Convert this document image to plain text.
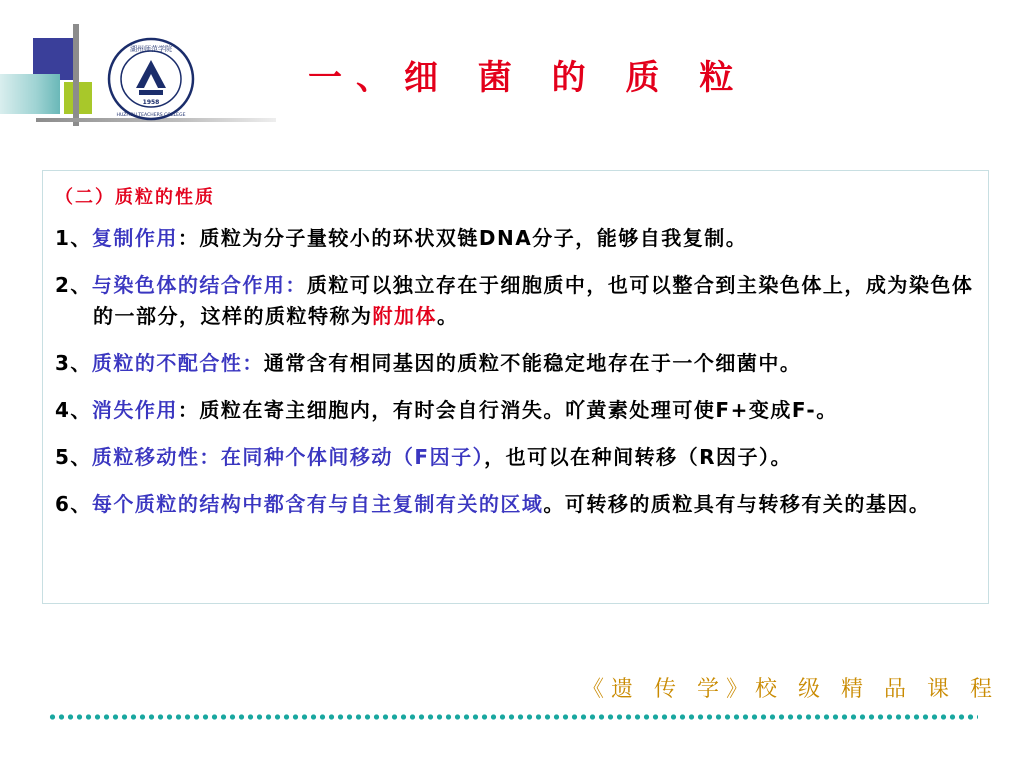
湖州师范学院
1958
HUZHOU TEACHERS COLLEGE
一、细 菌 的 质 粒
（二）质粒的性质
1、复制作用：质粒为分子量较小的环状双链DNA分子，能够自我复制。
2、与染色体的结合作用：质粒可以独立存在于细胞质中，也可以整合到主染色体上，成为染色体的一部分，这样的质粒特称为附加体。
3、质粒的不配合性：通常含有相同基因的质粒不能稳定地存在于一个细菌中。
4、消失作用：质粒在寄主细胞内，有时会自行消失。吖黄素处理可使F+变成F-。
5、质粒移动性：在同种个体间移动（F因子），也可以在种间转移（R因子）。
6、每个质粒的结构中都含有与自主复制有关的区域。可转移的质粒具有与转移有关的基因。
《遗 传 学》校 级 精 品 课 程
